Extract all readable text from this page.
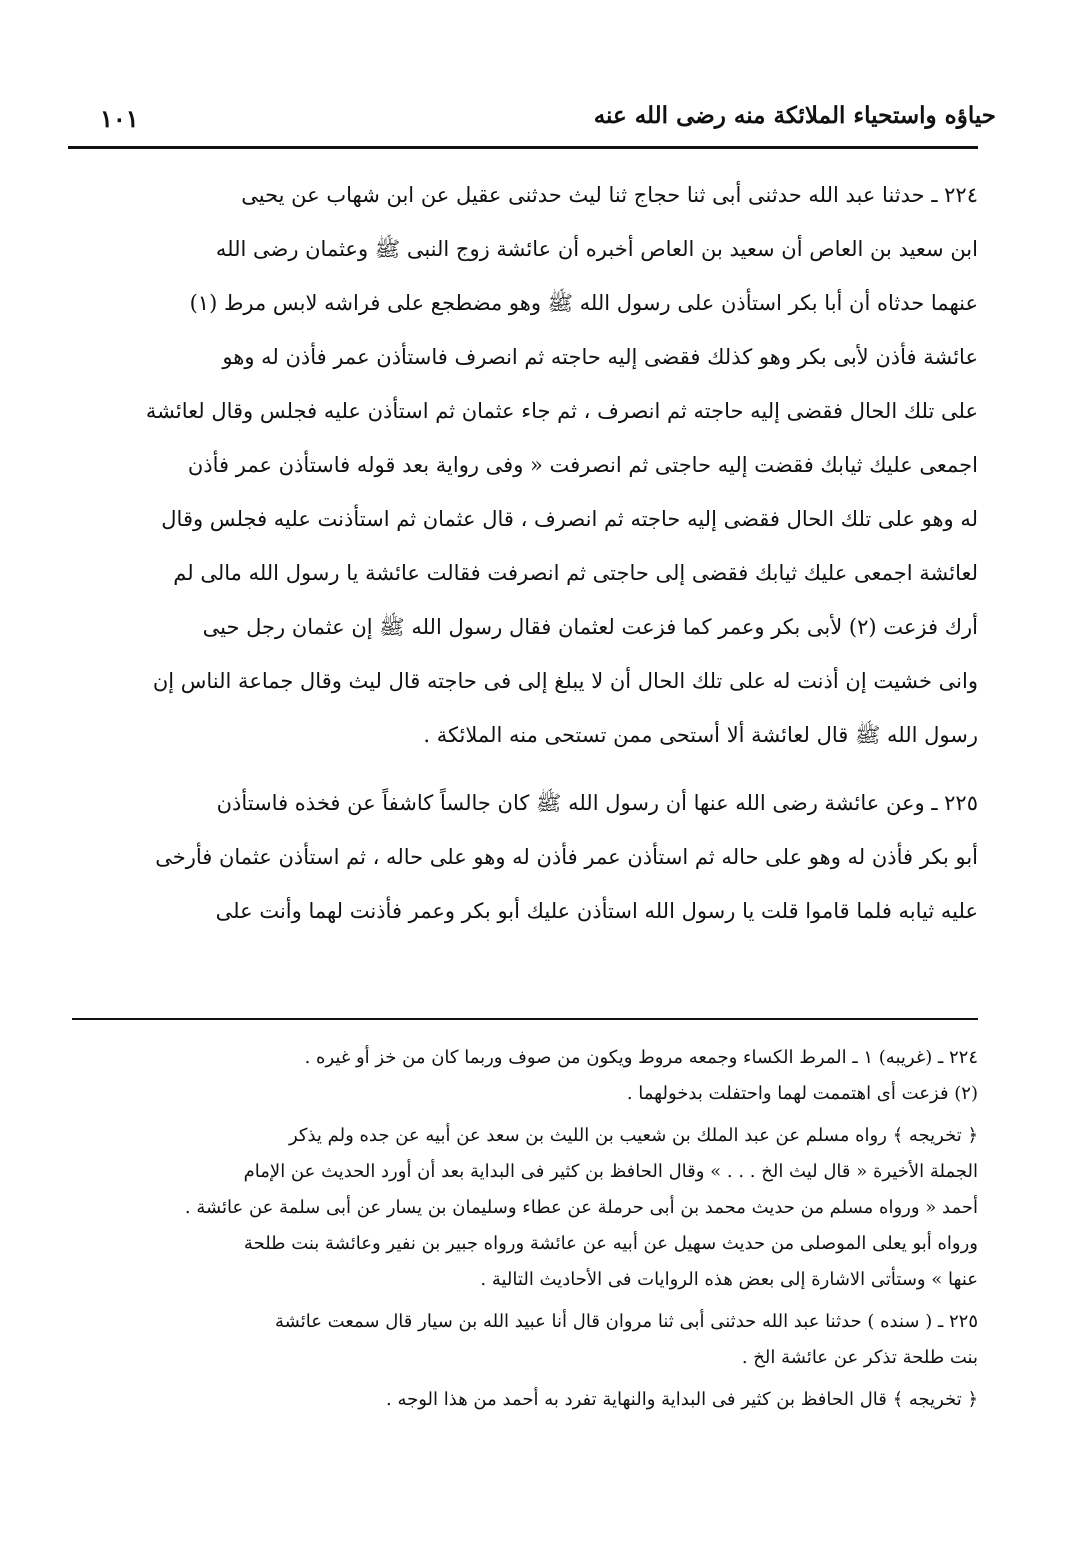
حياؤه واستحياء الملائكة منه رضى الله عنه
١٠١
٢٢٤ ـ حدثنا عبد الله حدثنى أبى ثنا حجاج ثنا ليث حدثنى عقيل عن ابن شهاب عن يحيى
ابن سعيد بن العاص أن سعيد بن العاص أخبره أن عائشة زوج النبى ﷺ وعثمان رضى الله
عنهما حدثاه أن أبا بكر استأذن على رسول الله ﷺ وهو مضطجع على فراشه لابس مرط (١)
عائشة فأذن لأبى بكر وهو كذلك فقضى إليه حاجته ثم انصرف فاستأذن عمر فأذن له وهو
على تلك الحال فقضى إليه حاجته ثم انصرف ، ثم جاء عثمان ثم استأذن عليه فجلس وقال لعائشة
اجمعى عليك ثيابك فقضت إليه حاجتى ثم انصرفت « وفى رواية بعد قوله فاستأذن عمر فأذن
له وهو على تلك الحال فقضى إليه حاجته ثم انصرف ، قال عثمان ثم استأذنت عليه فجلس وقال
لعائشة اجمعى عليك ثيابك فقضى إلى حاجتى ثم انصرفت فقالت عائشة يا رسول الله مالى لم
أرك فزعت (٢) لأبى بكر وعمر كما فزعت لعثمان فقال رسول الله ﷺ إن عثمان رجل حيى
وانى خشيت إن أذنت له على تلك الحال أن لا يبلغ إلى فى حاجته قال ليث وقال جماعة الناس إن
رسول الله ﷺ قال لعائشة ألا أستحى ممن تستحى منه الملائكة .
٢٢٥ ـ وعن عائشة رضى الله عنها أن رسول الله ﷺ كان جالساً كاشفاً عن فخذه فاستأذن
أبو بكر فأذن له وهو على حاله ثم استأذن عمر فأذن له وهو على حاله ، ثم استأذن عثمان فأرخى
عليه ثيابه فلما قاموا قلت يا رسول الله استأذن عليك أبو بكر وعمر فأذنت لهما وأنت على
٢٢٤ ـ (غريبه) ١ ـ المرط الكساء وجمعه مروط ويكون من صوف وربما كان من خز أو غيره .
(٢) فزعت أى اهتممت لهما واحتفلت بدخولهما .
﴿ تخريجه ﴾ رواه مسلم عن عبد الملك بن شعيب بن الليث بن سعد عن أبيه عن جده ولم يذكر
الجملة الأخيرة « قال ليث الخ . . . » وقال الحافظ بن كثير فى البداية بعد أن أورد الحديث عن الإمام
أحمد « ورواه مسلم من حديث محمد بن أبى حرملة عن عطاء وسليمان بن يسار عن أبى سلمة عن عائشة .
ورواه أبو يعلى الموصلى من حديث سهيل عن أبيه عن عائشة ورواه جبير بن نفير وعائشة بنت طلحة
عنها » وستأتى الاشارة إلى بعض هذه الروايات فى الأحاديث التالية .
٢٢٥ ـ ( سنده ) حدثنا عبد الله حدثنى أبى ثنا مروان قال أنا عبيد الله بن سيار قال سمعت عائشة
بنت طلحة تذكر عن عائشة الخ .
﴿ تخريجه ﴾ قال الحافظ بن كثير فى البداية والنهاية تفرد به أحمد من هذا الوجه .
